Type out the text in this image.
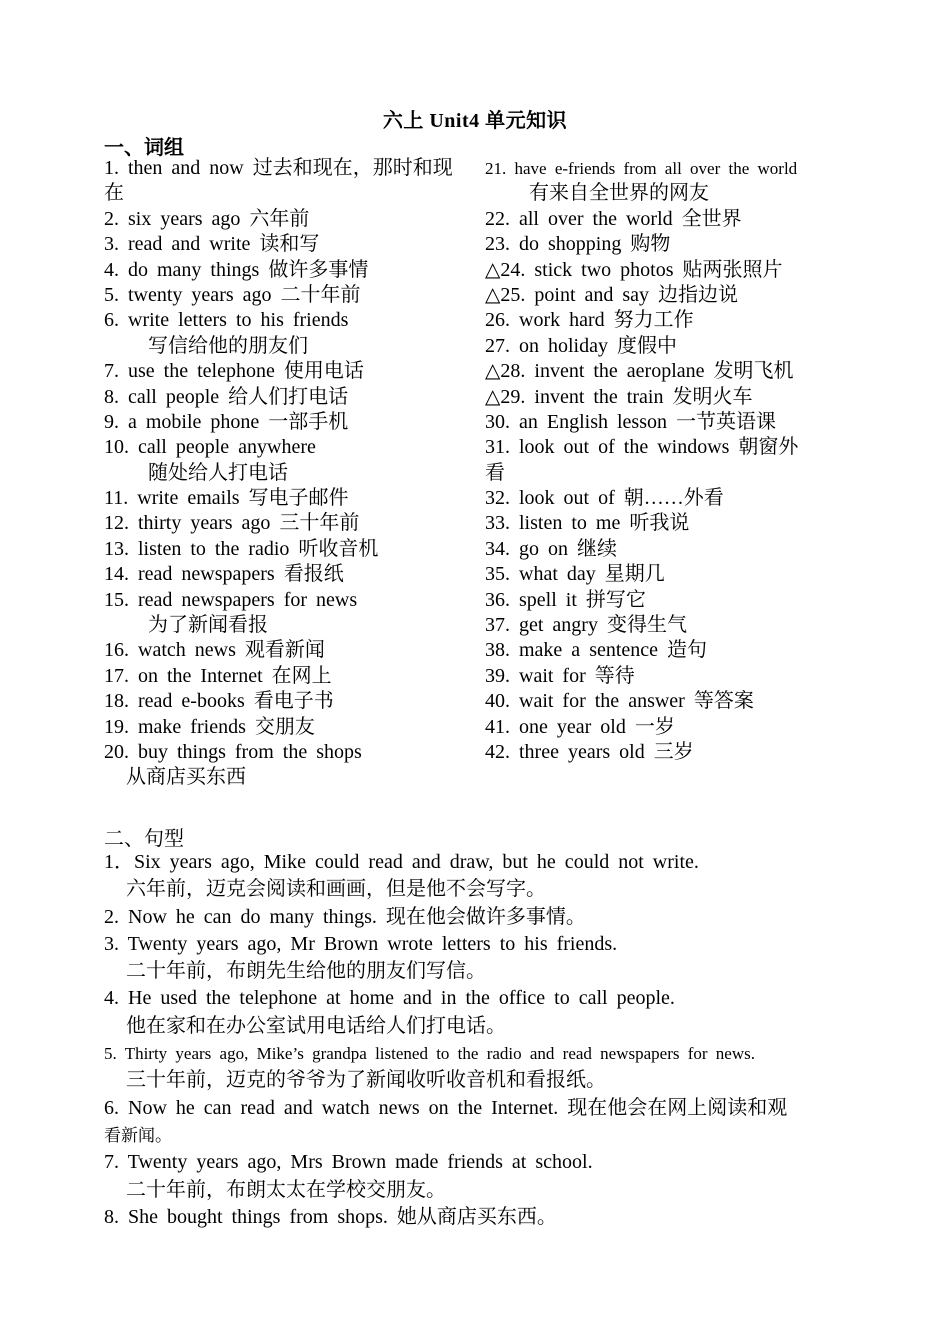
六上 Unit4 单元知识
一、词组
1. then and now 过去和现在，那时和现
在
2. six years ago 六年前
3. read and write 读和写
4. do many things 做许多事情
5. twenty years ago 二十年前
6. write letters to his friends
写信给他的朋友们
7. use the telephone 使用电话
8. call people 给人们打电话
9. a mobile phone 一部手机
10. call people anywhere
随处给人打电话
11. write emails 写电子邮件
12. thirty years ago 三十年前
13. listen to the radio 听收音机
14. read newspapers 看报纸
15. read newspapers for news
为了新闻看报
16. watch news 观看新闻
17. on the Internet 在网上
18. read e-books 看电子书
19. make friends 交朋友
20. buy things from the shops
从商店买东西
21. have e-friends from all over the world
有来自全世界的网友
22. all over the world 全世界
23. do shopping 购物
△24. stick two photos 贴两张照片
△25. point and say 边指边说
26. work hard 努力工作
27. on holiday 度假中
△28. invent the aeroplane 发明飞机
△29. invent the train 发明火车
30. an English lesson 一节英语课
31. look out of the windows 朝窗外
看
32. look out of 朝……外看
33. listen to me 听我说
34. go on 继续
35. what day 星期几
36. spell it 拼写它
37. get angry 变得生气
38. make a sentence 造句
39. wait for 等待
40. wait for the answer 等答案
41. one year old 一岁
42. three years old 三岁
二、句型
1．Six years ago, Mike could read and draw, but he could not write.
六年前，迈克会阅读和画画，但是他不会写字。
2. Now he can do many things. 现在他会做许多事情。
3. Twenty years ago, Mr Brown wrote letters to his friends.
二十年前，布朗先生给他的朋友们写信。
4. He used the telephone at home and in the office to call people.
他在家和在办公室试用电话给人们打电话。
5. Thirty years ago, Mike’s grandpa listened to the radio and read newspapers for news.
三十年前，迈克的爷爷为了新闻收听收音机和看报纸。
6. Now he can read and watch news on the Internet. 现在他会在网上阅读和观
看新闻。
7. Twenty years ago, Mrs Brown made friends at school.
二十年前，布朗太太在学校交朋友。
8. She bought things from shops. 她从商店买东西。
